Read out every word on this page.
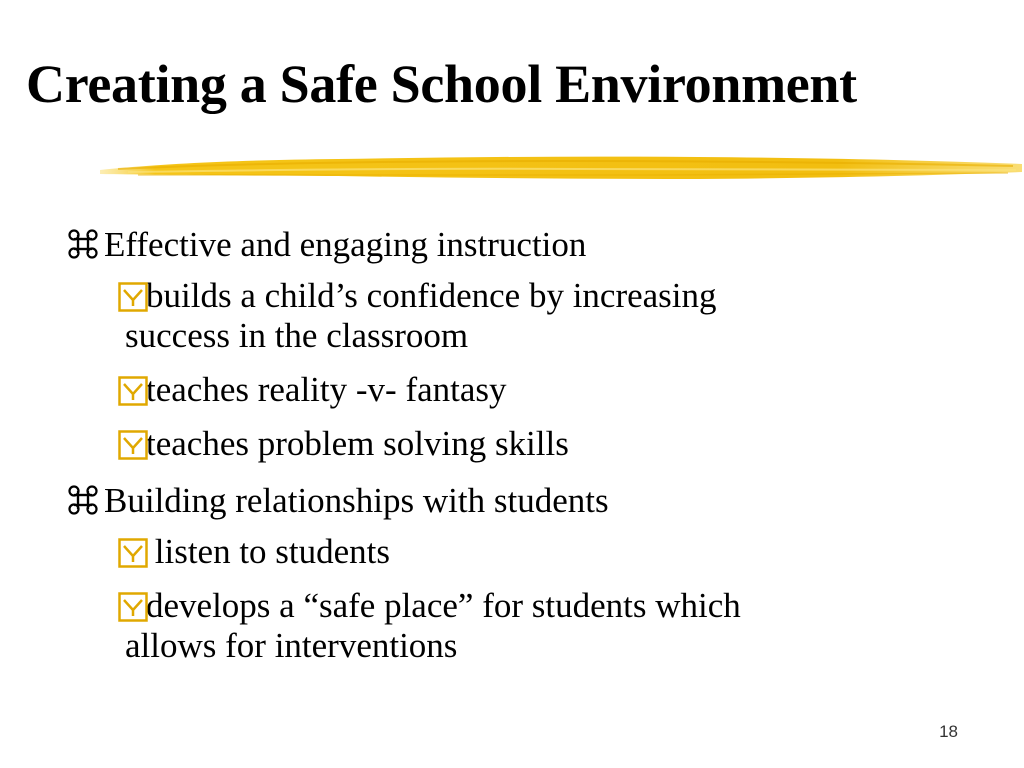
Creating a Safe School Environment
Effective and engaging instruction
builds a child’s confidence by increasing
success in the classroom
teaches reality -v- fantasy
teaches problem solving skills
Building relationships with students
listen to students
develops a “safe place” for students which
allows for interventions
18
